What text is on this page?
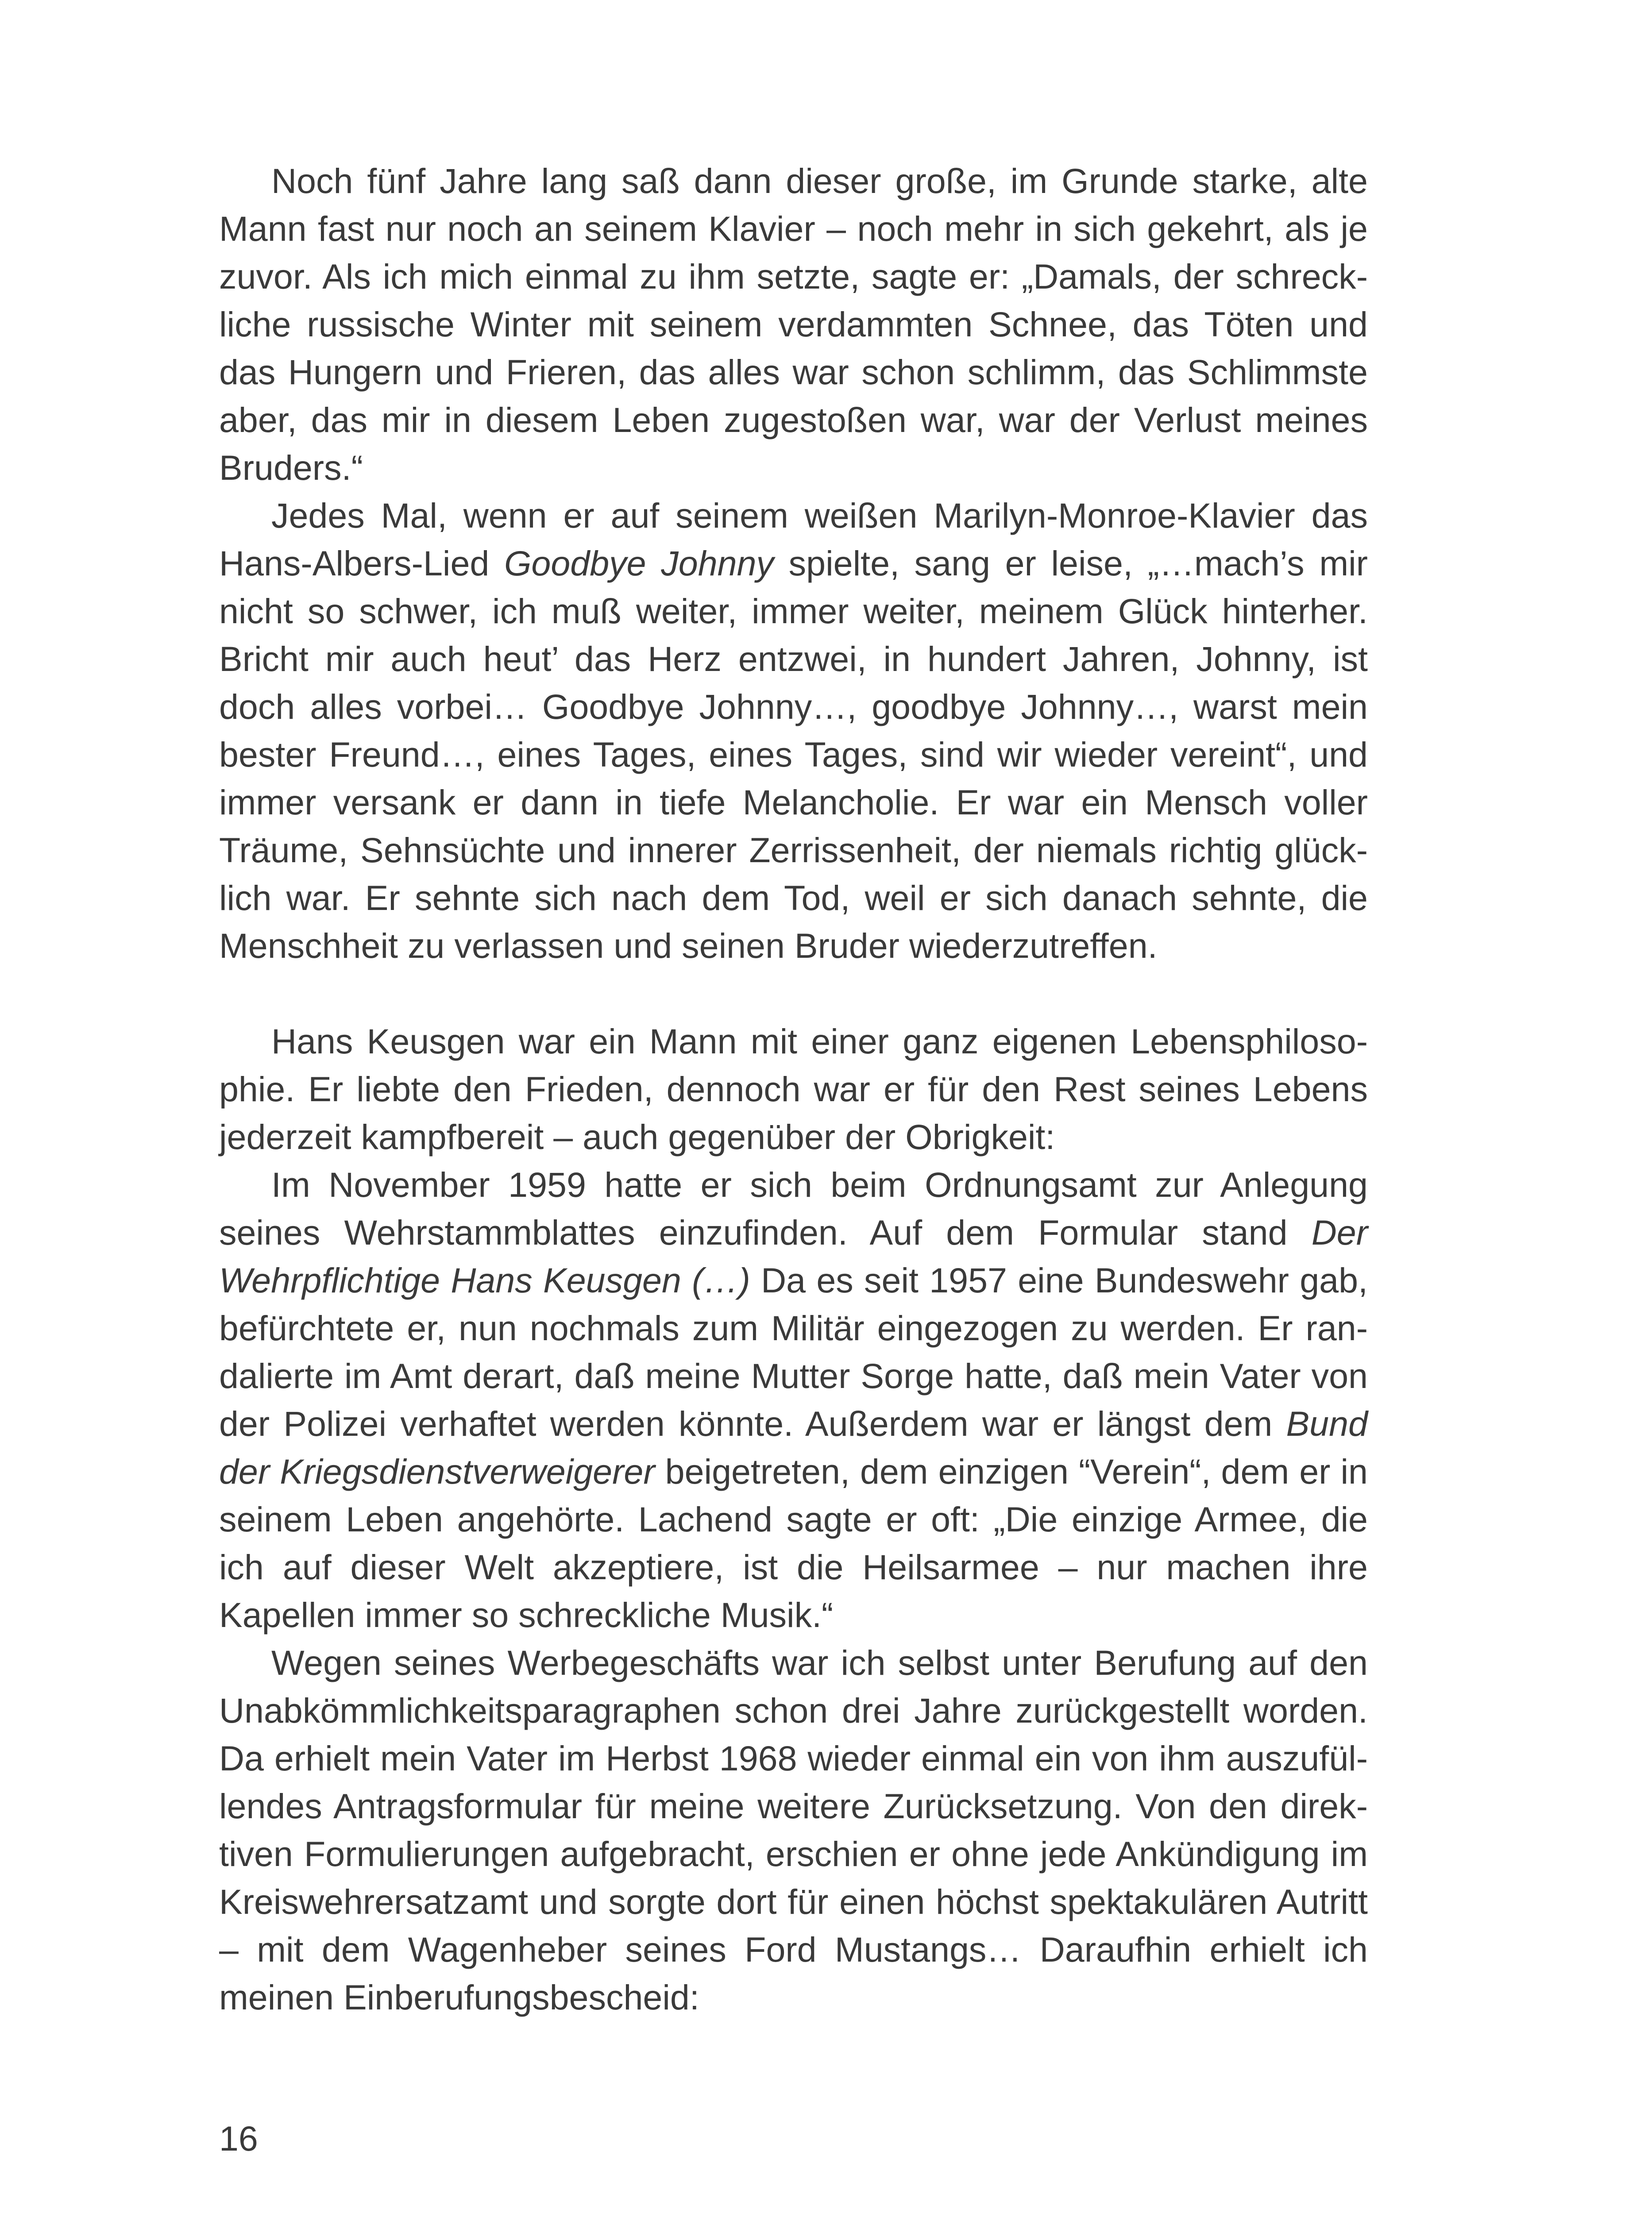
Noch fünf Jahre lang saß dann dieser große, im Grunde starke, alte Mann fast nur noch an seinem Klavier – noch mehr in sich gekehrt, als je zuvor. Als ich mich einmal zu ihm setzte, sagte er: „Damals, der schreckliche russische Winter mit seinem verdammten Schnee, das Töten und das Hungern und Frieren, das alles war schon schlimm, das Schlimmste aber, das mir in diesem Leben zugestoßen war, war der Verlust meines Bruders.“

Jedes Mal, wenn er auf seinem weißen Marilyn-Monroe-Klavier das Hans-Albers-Lied Goodbye Johnny spielte, sang er leise, „…mach’s mir nicht so schwer, ich muß weiter, immer weiter, meinem Glück hinterher. Bricht mir auch heut’ das Herz entzwei, in hundert Jahren, Johnny, ist doch alles vorbei… Goodbye Johnny…, goodbye Johnny…, warst mein bester Freund…, eines Tages, eines Tages, sind wir wieder vereint“, und immer versank er dann in tiefe Melancholie. Er war ein Mensch voller Träume, Sehnsüchte und innerer Zerrissenheit, der niemals richtig glücklich war. Er sehnte sich nach dem Tod, weil er sich danach sehnte, die Menschheit zu verlassen und seinen Bruder wiederzutreffen.

Hans Keusgen war ein Mann mit einer ganz eigenen Lebensphilosophie. Er liebte den Frieden, dennoch war er für den Rest seines Lebens jederzeit kampfbereit – auch gegenüber der Obrigkeit:

Im November 1959 hatte er sich beim Ordnungsamt zur Anlegung seines Wehrstammblattes einzufinden. Auf dem Formular stand Der Wehrpflichtige Hans Keusgen (…) Da es seit 1957 eine Bundeswehr gab, befürchtete er, nun nochmals zum Militär eingezogen zu werden. Er randalierte im Amt derart, daß meine Mutter Sorge hatte, daß mein Vater von der Polizei verhaftet werden könnte. Außerdem war er längst dem Bund der Kriegsdienstverweigerer beigetreten, dem einzigen “Verein“, dem er in seinem Leben angehörte. Lachend sagte er oft: „Die einzige Armee, die ich auf dieser Welt akzeptiere, ist die Heilsarmee – nur machen ihre Kapellen immer so schreckliche Musik.“

Wegen seines Werbegeschäfts war ich selbst unter Berufung auf den Unabkömmlichkeitsparagraphen schon drei Jahre zurückgestellt worden. Da erhielt mein Vater im Herbst 1968 wieder einmal ein von ihm auszufüllendes Antragsformular für meine weitere Zurücksetzung. Von den direktiven Formulierungen aufgebracht, erschien er ohne jede Ankündigung im Kreiswehrersatzamt und sorgte dort für einen höchst spektakulären Autritt – mit dem Wagenheber seines Ford Mustangs… Daraufhin erhielt ich meinen Einberufungsbescheid:

16
